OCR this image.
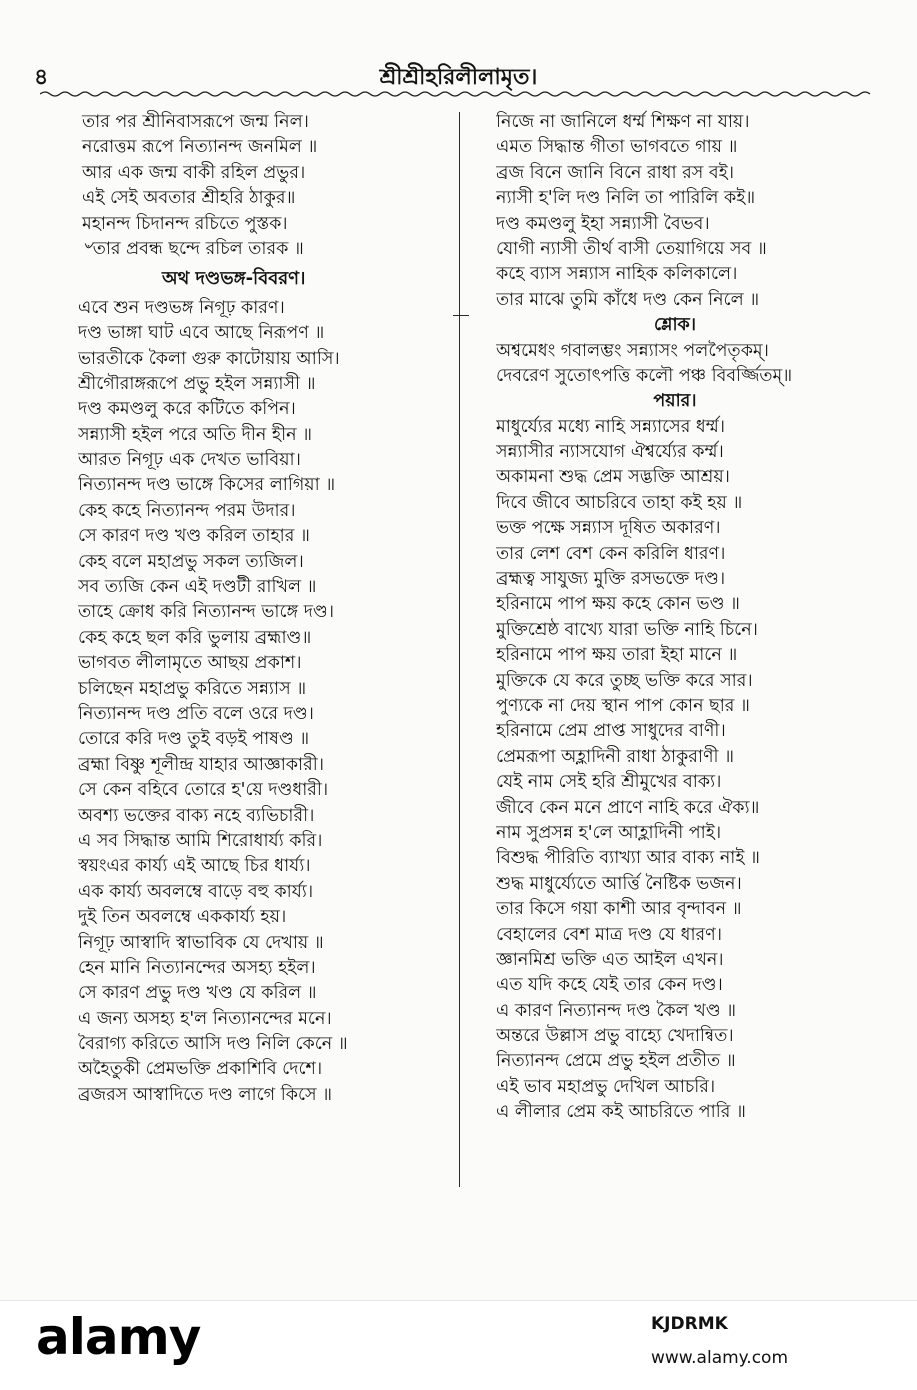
৪	শ্রীশ্রীহরিলীলামৃত।
তার পর শ্রীনিবাসরূপে জন্ম নিল।
নরোত্তম রূপে নিত্যানন্দ জনমিল ॥
আর এক জন্ম বাকী রহিল প্রভুর।
এই সেই অবতার শ্রীহরি ঠাকুর॥
মহানন্দ চিদানন্দ রচিতে পুস্তক।
৺তার প্রবন্ধ ছন্দে রচিল তারক ॥
অথ দণ্ডভঙ্গ-বিবরণ।
এবে শুন দণ্ডভঙ্গ নিগূঢ় কারণ।
দণ্ড ভাঙ্গা ঘাট এবে আছে নিরূপণ ॥
ভারতীকে কৈলা গুরু কাটোয়ায় আসি।
শ্রীগৌরাঙ্গরূপে প্রভু হইল সন্ন্যাসী ॥
দণ্ড কমণ্ডলু করে কটিতে কপিন।
সন্ন্যাসী হইল পরে অতি দীন হীন ॥
আরত নিগূঢ় এক দেখত ভাবিয়া।
নিত্যানন্দ দণ্ড ভাঙ্গে কিসের লাগিয়া ॥
কেহ কহে নিত্যানন্দ পরম উদার।
সে কারণ দণ্ড খণ্ড করিল তাহার ॥
কেহ বলে মহাপ্রভু সকল ত্যজিল।
সব ত্যজি কেন এই দণ্ডটী রাখিল ॥
তাহে ক্রোধ করি নিত্যানন্দ ভাঙ্গে দণ্ড।
কেহ কহে ছল করি ভুলায় ব্রহ্মাণ্ড॥
ভাগবত লীলামৃতে আছয় প্রকাশ।
চলিছেন মহাপ্রভু করিতে সন্ন্যাস ॥
নিত্যানন্দ দণ্ড প্রতি বলে ওরে দণ্ড।
তোরে করি দণ্ড তুই বড়ই পাষণ্ড ॥
ব্রহ্মা বিষ্ণু শূলীন্দ্র যাহার আজ্ঞাকারী।
সে কেন বহিবে তোরে হ'য়ে দণ্ডধারী।
অবশ্য ভক্তের বাক্য নহে ব্যভিচারী।
এ সব সিদ্ধান্ত আমি শিরোধার্য্য করি।
স্বয়ংএর কার্য্য এই আছে চির ধার্য্য।
এক কার্য্য অবলম্বে বাড়ে বহু কার্য্য।
দুই তিন অবলম্বে এককার্য্য হয়।
নিগূঢ় আস্বাদি স্বাভাবিক যে দেখায় ॥
হেন মানি নিত্যানন্দের অসহ্য হইল।
সে কারণ প্রভু দণ্ড খণ্ড যে করিল ॥
এ জন্য অসহ্য হ'ল নিত্যানন্দের মনে।
বৈরাগ্য করিতে আসি দণ্ড নিলি কেনে ॥
অহৈতুকী প্রেমভক্তি প্রকাশিবি দেশে।
ব্রজরস আস্বাদিতে দণ্ড লাগে কিসে ॥
নিজে না জানিলে ধর্ম্ম শিক্ষণ না যায়।
এমত সিদ্ধান্ত গীতা ভাগবতে গায় ॥
ব্রজ বিনে জানি বিনে রাধা রস বই।
ন্যাসী হ'লি দণ্ড নিলি তা পারিলি কই॥
দণ্ড কমণ্ডলু ইহা সন্ন্যাসী বৈভব।
যোগী ন্যাসী তীর্থ বাসী তেয়াগিয়ে সব ॥
কহে ব্যাস সন্ন্যাস নাহিক কলিকালে।
তার মাঝে তুমি কাঁধে দণ্ড কেন নিলে ॥
শ্লোক।
অশ্বমেধং গবালম্ভং সন্ন্যাসং পলপৈতৃকম্।
দেবরেণ সুতোৎপত্তি কলৌ পঞ্চ বিবর্জ্জিতম্॥
পয়ার।
মাধুর্য্যের মধ্যে নাহি সন্ন্যাসের ধর্ম্ম।
সন্ন্যাসীর ন্যাসযোগ ঐশ্বর্য্যের কর্ম্ম।
অকামনা শুদ্ধ প্রেম সদ্ভক্তি আশ্রয়।
দিবে জীবে আচরিবে তাহা কই হয় ॥
ভক্ত পক্ষে সন্ন্যাস দূষিত অকারণ।
তার লেশ বেশ কেন করিলি ধারণ।
ব্রহ্মত্ব সাযুজ্য মুক্তি রসভক্তে দণ্ড।
হরিনামে পাপ ক্ষয় কহে কোন ভণ্ড ॥
মুক্তিশ্রেষ্ঠ বাখ্যে যারা ভক্তি নাহি চিনে।
হরিনামে পাপ ক্ষয় তারা ইহা মানে ॥
মুক্তিকে যে করে তুচ্ছ ভক্তি করে সার।
পুণ্যকে না দেয় স্থান পাপ কোন ছার ॥
হরিনামে প্রেম প্রাপ্ত সাধুদের বাণী।
প্রেমরূপা অহ্লাদিনী রাধা ঠাকুরাণী ॥
যেই নাম সেই হরি শ্রীমুখের বাক্য।
জীবে কেন মনে প্রাণে নাহি করে ঐক্য॥
নাম সুপ্রসন্ন হ'লে আহ্লাদিনী পাই।
বিশুদ্ধ পীরিতি ব্যাখ্যা আর বাক্য নাই ॥
শুদ্ধ মাধুর্য্যেতে আর্ত্তি নৈষ্টিক ভজন।
তার কিসে গয়া কাশী আর বৃন্দাবন ॥
বেহালের বেশ মাত্র দণ্ড যে ধারণ।
জ্ঞানমিশ্র ভক্তি এত আইল এখন।
এত যদি কহে যেই তার কেন দণ্ড।
এ কারণ নিত্যানন্দ দণ্ড কৈল খণ্ড ॥
অন্তরে উল্লাস প্রভু বাহ্যে খেদান্বিত।
নিত্যানন্দ প্রেমে প্রভু হইল প্রতীত ॥
এই ভাব মহাপ্রভু দেখিল আচরি।
এ লীলার প্রেম কই আচরিতে পারি ॥
alamy	KJDRMK
www.alamy.com
